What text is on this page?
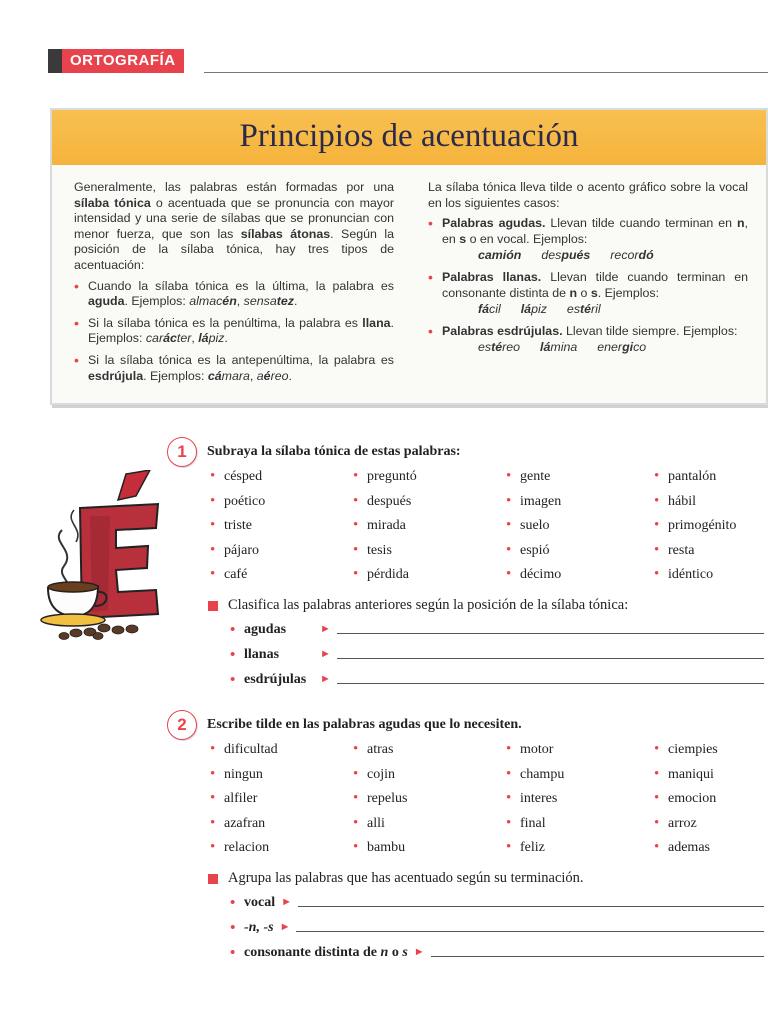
ORTOGRAFÍA
Principios de acentuación

Generalmente, las palabras están formadas por una sílaba tónica o acentuada que se pronuncia con mayor intensidad y una serie de sílabas que se pronuncian con menor fuerza, que son las sílabas átonas. Según la posición de la sílaba tónica, hay tres tipos de acentuación:

• Cuando la sílaba tónica es la última, la palabra es aguda. Ejemplos: almacén, sensatez.
• Si la sílaba tónica es la penúltima, la palabra es llana. Ejemplos: carácter, lápiz.
• Si la sílaba tónica es la antepenúltima, la palabra es esdrújula. Ejemplos: cámara, aéreo.

La sílaba tónica lleva tilde o acento gráfico sobre la vocal en los siguientes casos:

• Palabras agudas. Llevan tilde cuando terminan en n, en s o en vocal. Ejemplos:
camión después recordó
• Palabras llanas. Llevan tilde cuando terminan en consonante distinta de n o s. Ejemplos:
fácil lápiz estéril
• Palabras esdrújulas. Llevan tilde siempre. Ejemplos:
estéreo lámina energico
1	Subraya la sílaba tónica de estas palabras:
• césped	• preguntó	• gente	• pantalón
• poético	• después	• imagen	• hábil
• triste	• mirada	• suelo	• primogénito
• pájaro	• tesis	• espió	• resta
• café	• pérdida	• décimo	• idéntico
Clasifica las palabras anteriores según la posición de la sílaba tónica:
• agudas	►
• llanas	►
• esdrújulas	►
2	Escribe tilde en las palabras agudas que lo necesiten.
• dificultad	• atras	• motor	• ciempies
• ningun	• cojin	• champu	• maniqui
• alfiler	• repelus	• interes	• emocion
• azafran	• alli	• final	• arroz
• relacion	• bambu	• feliz	• ademas
Agrupa las palabras que has acentuado según su terminación.
• vocal ►
• -n, -s ►
• consonante distinta de n o s ►
